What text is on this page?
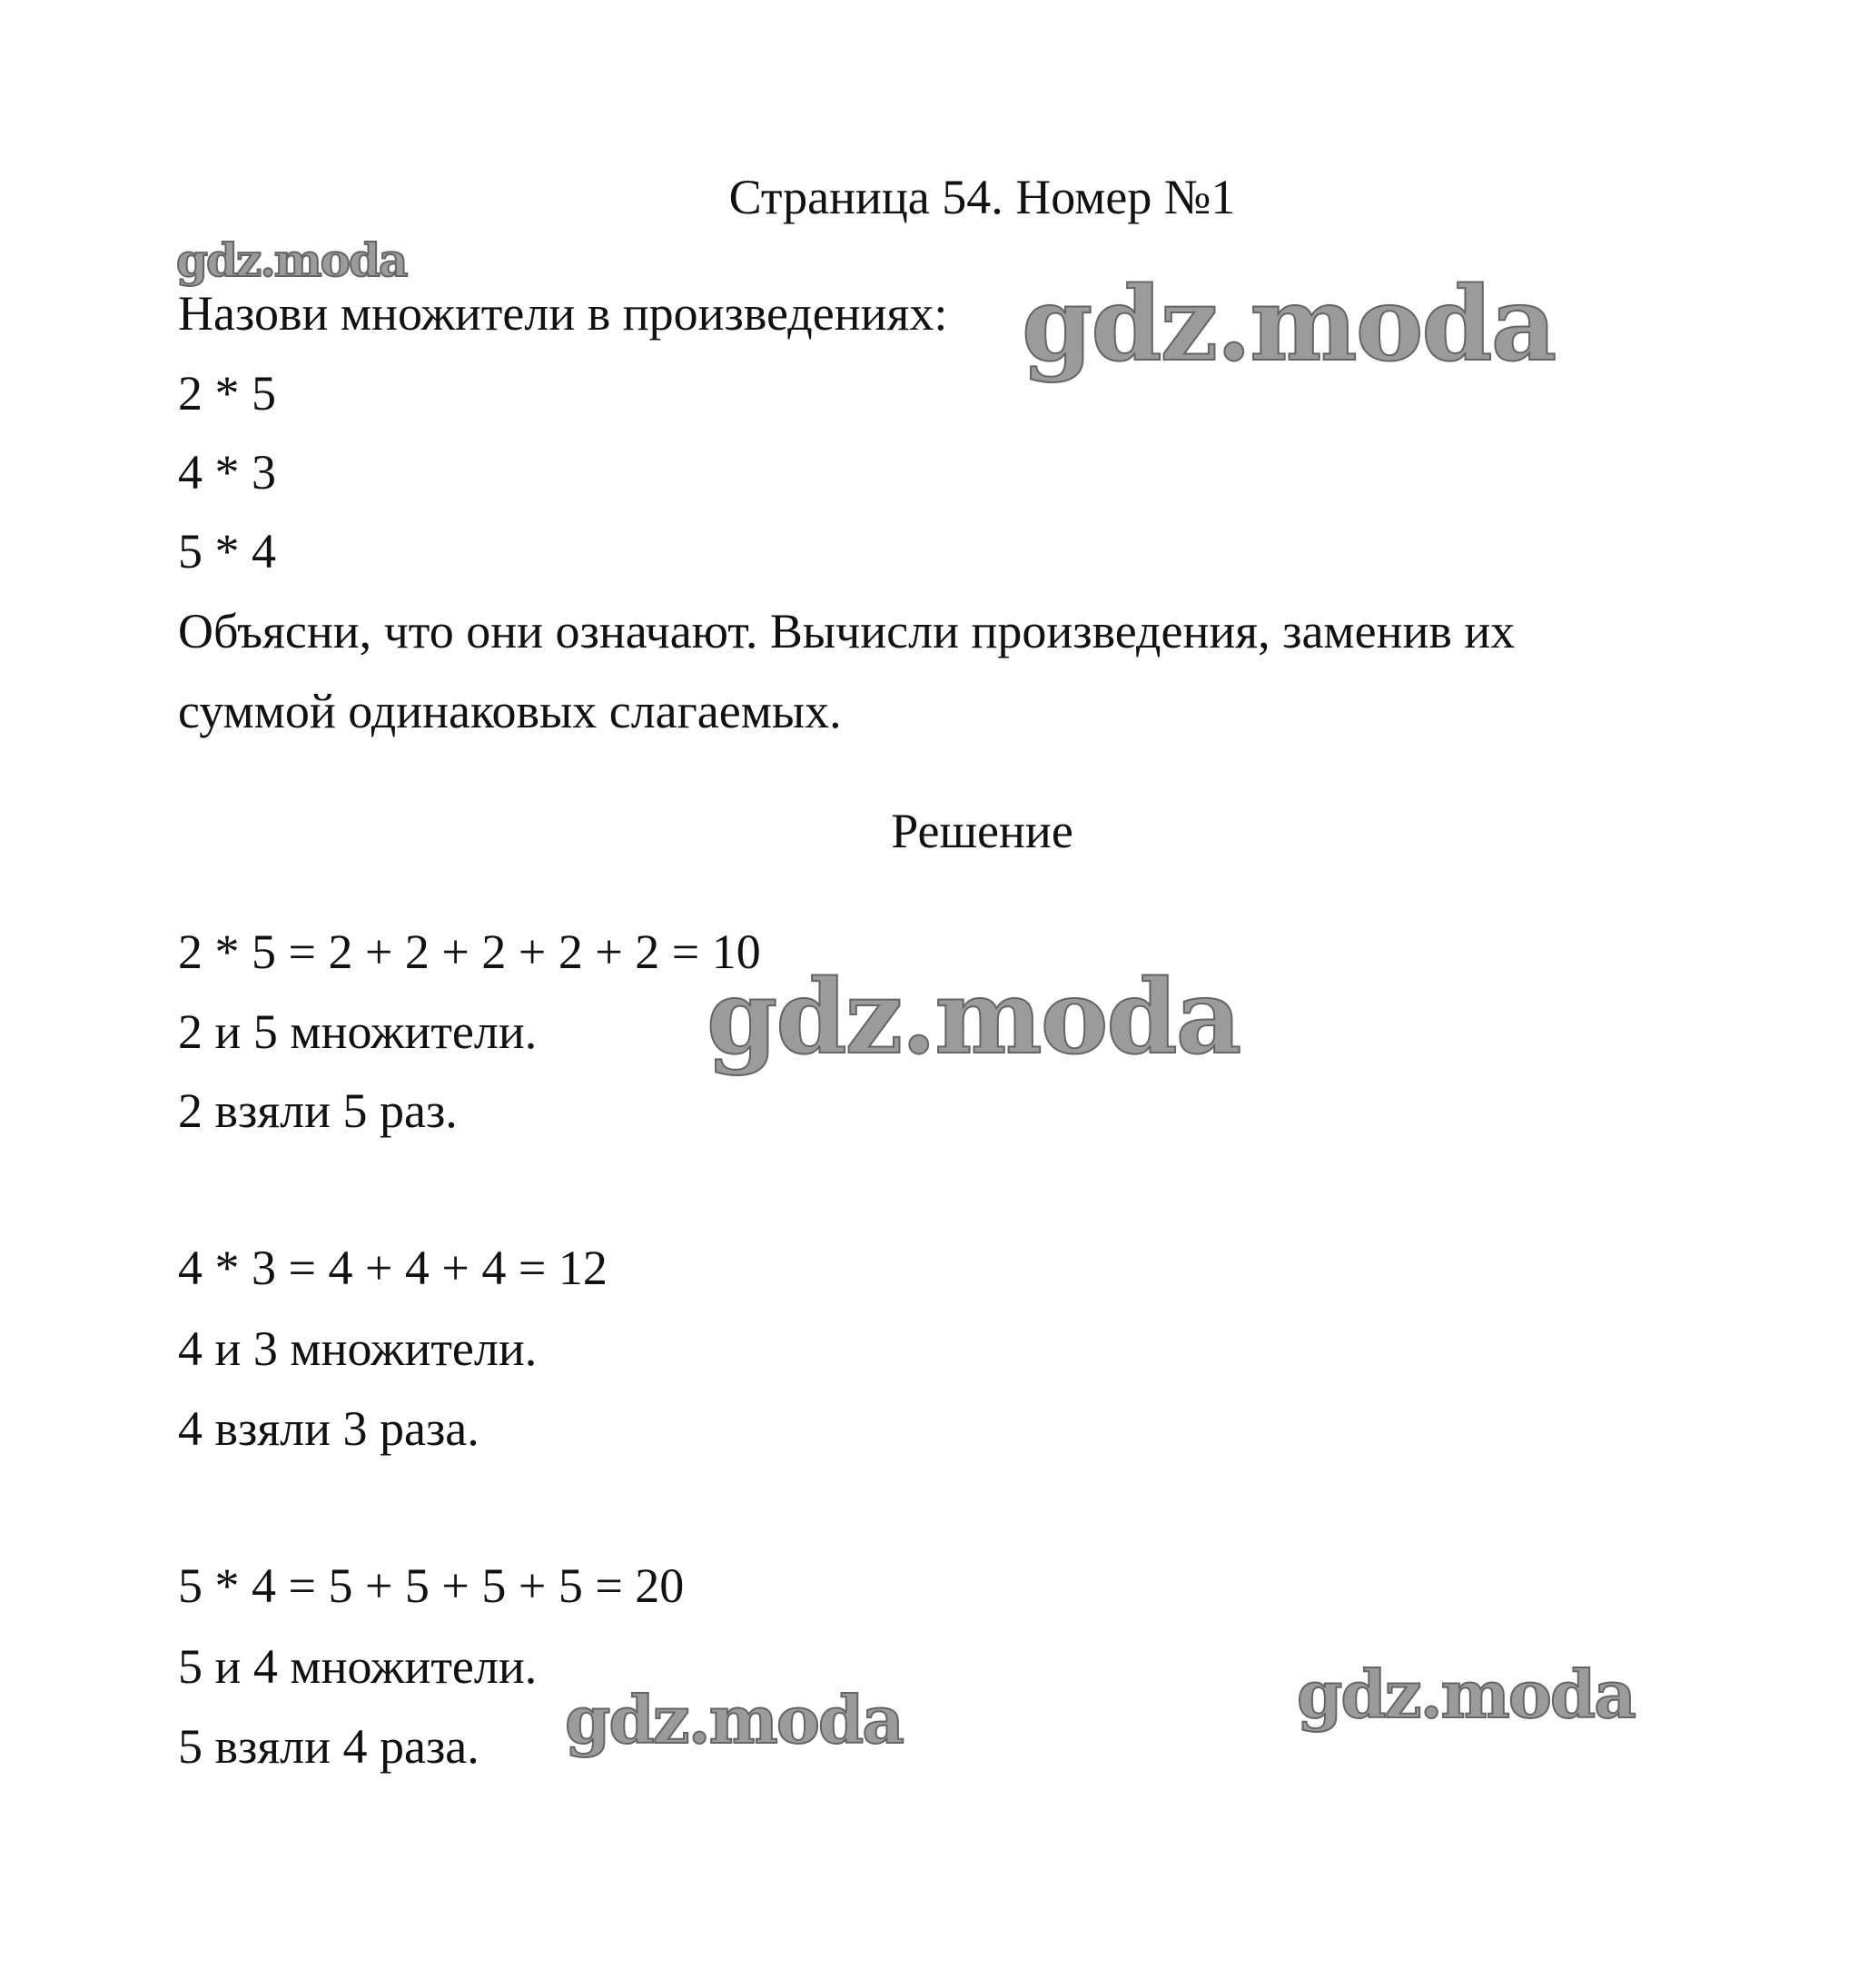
Страница 54. Номер №1
Назови множители в произведениях:
2 * 5
4 * 3
5 * 4
Объясни, что они означают. Вычисли произведения, заменив их
суммой одинаковых слагаемых.
Решение
2 * 5 = 2 + 2 + 2 + 2 + 2 = 10
2 и 5 множители.
2 взяли 5 раз.
4 * 3 = 4 + 4 + 4 = 12
4 и 3 множители.
4 взяли 3 раза.
5 * 4 = 5 + 5 + 5 + 5 = 20
5 и 4 множители.
5 взяли 4 раза.
gdz.moda
gdz.moda
gdz.moda
gdz.moda	gdz.moda
